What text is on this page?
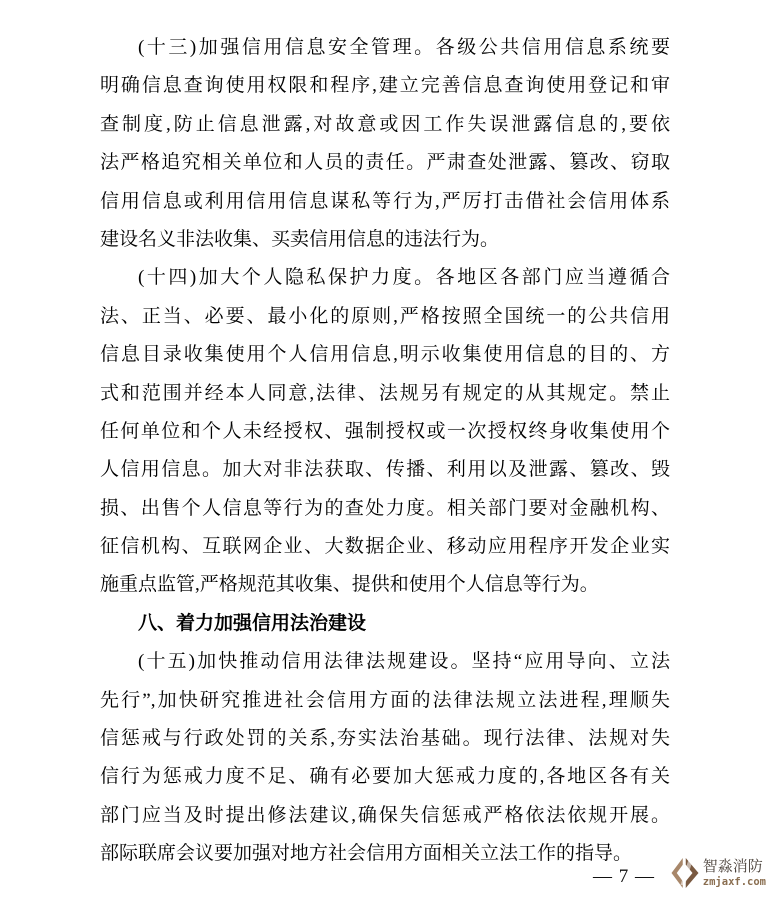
(十三)加强信用信息安全管理。各级公共信用信息系统要
明确信息查询使用权限和程序,建立完善信息查询使用登记和审
查制度,防止信息泄露,对故意或因工作失误泄露信息的,要依
法严格追究相关单位和人员的责任。严肃查处泄露、篡改、窃取
信用信息或利用信用信息谋私等行为,严厉打击借社会信用体系
建设名义非法收集、买卖信用信息的违法行为。
(十四)加大个人隐私保护力度。各地区各部门应当遵循合
法、正当、必要、最小化的原则,严格按照全国统一的公共信用
信息目录收集使用个人信用信息,明示收集使用信息的目的、方
式和范围并经本人同意,法律、法规另有规定的从其规定。禁止
任何单位和个人未经授权、强制授权或一次授权终身收集使用个
人信用信息。加大对非法获取、传播、利用以及泄露、篡改、毁
损、出售个人信息等行为的查处力度。相关部门要对金融机构、
征信机构、互联网企业、大数据企业、移动应用程序开发企业实
施重点监管,严格规范其收集、提供和使用个人信息等行为。
八、着力加强信用法治建设
(十五)加快推动信用法律法规建设。坚持“应用导向、立法
先行”,加快研究推进社会信用方面的法律法规立法进程,理顺失
信惩戒与行政处罚的关系,夯实法治基础。现行法律、法规对失
信行为惩戒力度不足、确有必要加大惩戒力度的,各地区各有关
部门应当及时提出修法建议,确保失信惩戒严格依法依规开展。
部际联席会议要加强对地方社会信用方面相关立法工作的指导。
— 7 —	智淼消防
zmjaxf.com
